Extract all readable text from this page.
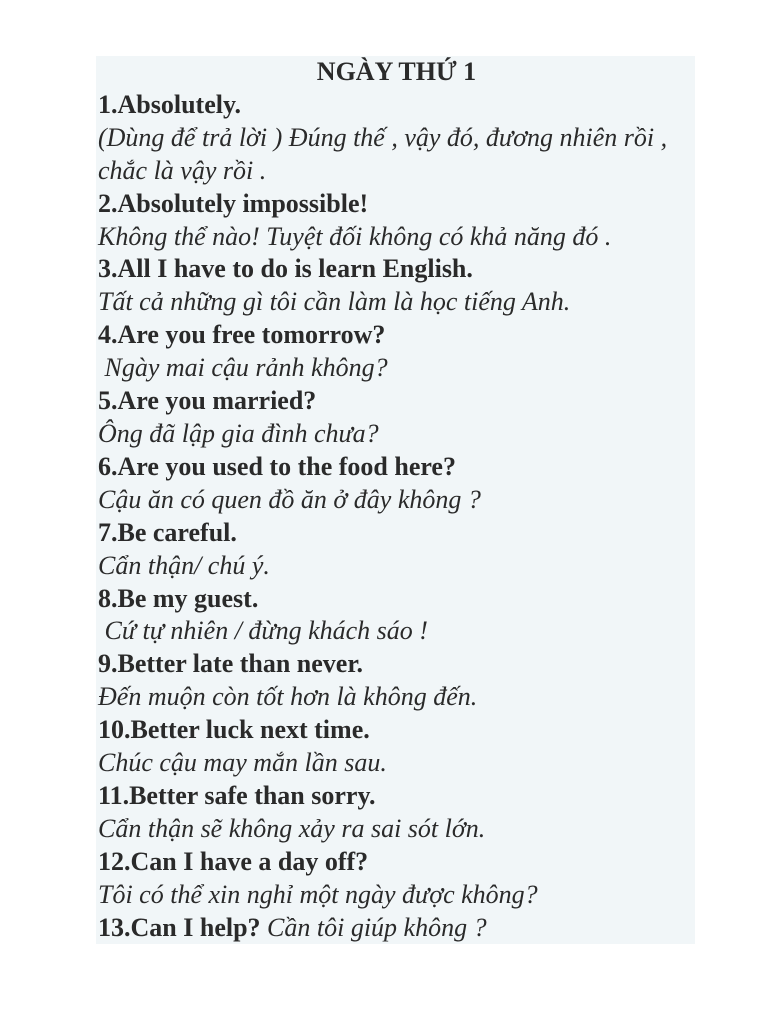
NGÀY THỨ 1

1.Absolutely.

(Dùng để trả lời ) Đúng thế , vậy đó, đương nhiên rồi , chắc là vậy rồi .

2.Absolutely impossible!

Không thể nào! Tuyệt đối không có khả năng đó .

3.All I have to do is learn English.

Tất cả những gì tôi cần làm là học tiếng Anh.

4.Are you free tomorrow?

Ngày mai cậu rảnh không?

5.Are you married?

Ông đã lập gia đình chưa?

6.Are you used to the food here?

Cậu ăn có quen đồ ăn ở đây không ?

7.Be careful.

Cẩn thận/ chú ý.

8.Be my guest.

Cứ tự nhiên / đừng khách sáo !

9.Better late than never.

Đến muộn còn tốt hơn là không đến.

10.Better luck next time.

Chúc cậu may mắn lần sau.

11.Better safe than sorry.

Cẩn thận sẽ không xảy ra sai sót lớn.

12.Can I have a day off?

Tôi có thể xin nghỉ một ngày được không?

13.Can I help? Cần tôi giúp không ?
